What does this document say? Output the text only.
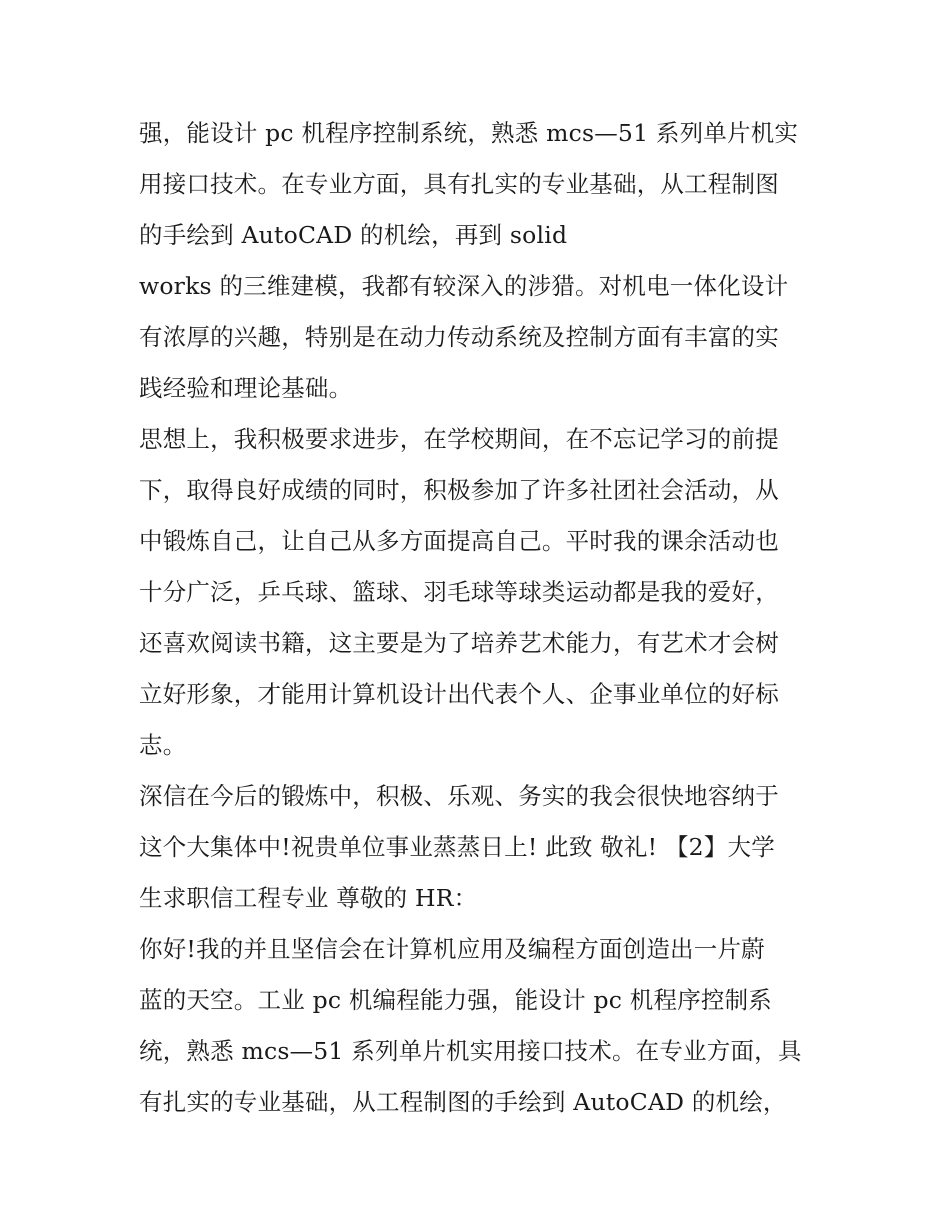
强，能设计 pc 机程序控制系统，熟悉 mcs—51 系列单片机实
用接口技术。在专业方面，具有扎实的专业基础，从工程制图
的手绘到 AutoCAD 的机绘，再到 solid
works 的三维建模，我都有较深入的涉猎。对机电一体化设计
有浓厚的兴趣，特别是在动力传动系统及控制方面有丰富的实
践经验和理论基础。
思想上，我积极要求进步，在学校期间，在不忘记学习的前提
下，取得良好成绩的同时，积极参加了许多社团社会活动，从
中锻炼自己，让自己从多方面提高自己。平时我的课余活动也
十分广泛，乒乓球、篮球、羽毛球等球类运动都是我的爱好，
还喜欢阅读书籍，这主要是为了培养艺术能力，有艺术才会树
立好形象，才能用计算机设计出代表个人、企事业单位的好标
志。
深信在今后的锻炼中，积极、乐观、务实的我会很快地容纳于
这个大集体中!祝贵单位事业蒸蒸日上! 此致 敬礼! 【2】大学
生求职信工程专业 尊敬的 HR：
你好!我的并且坚信会在计算机应用及编程方面创造出一片蔚
蓝的天空。工业 pc 机编程能力强，能设计 pc 机程序控制系
统，熟悉 mcs—51 系列单片机实用接口技术。在专业方面，具
有扎实的专业基础，从工程制图的手绘到 AutoCAD 的机绘，
